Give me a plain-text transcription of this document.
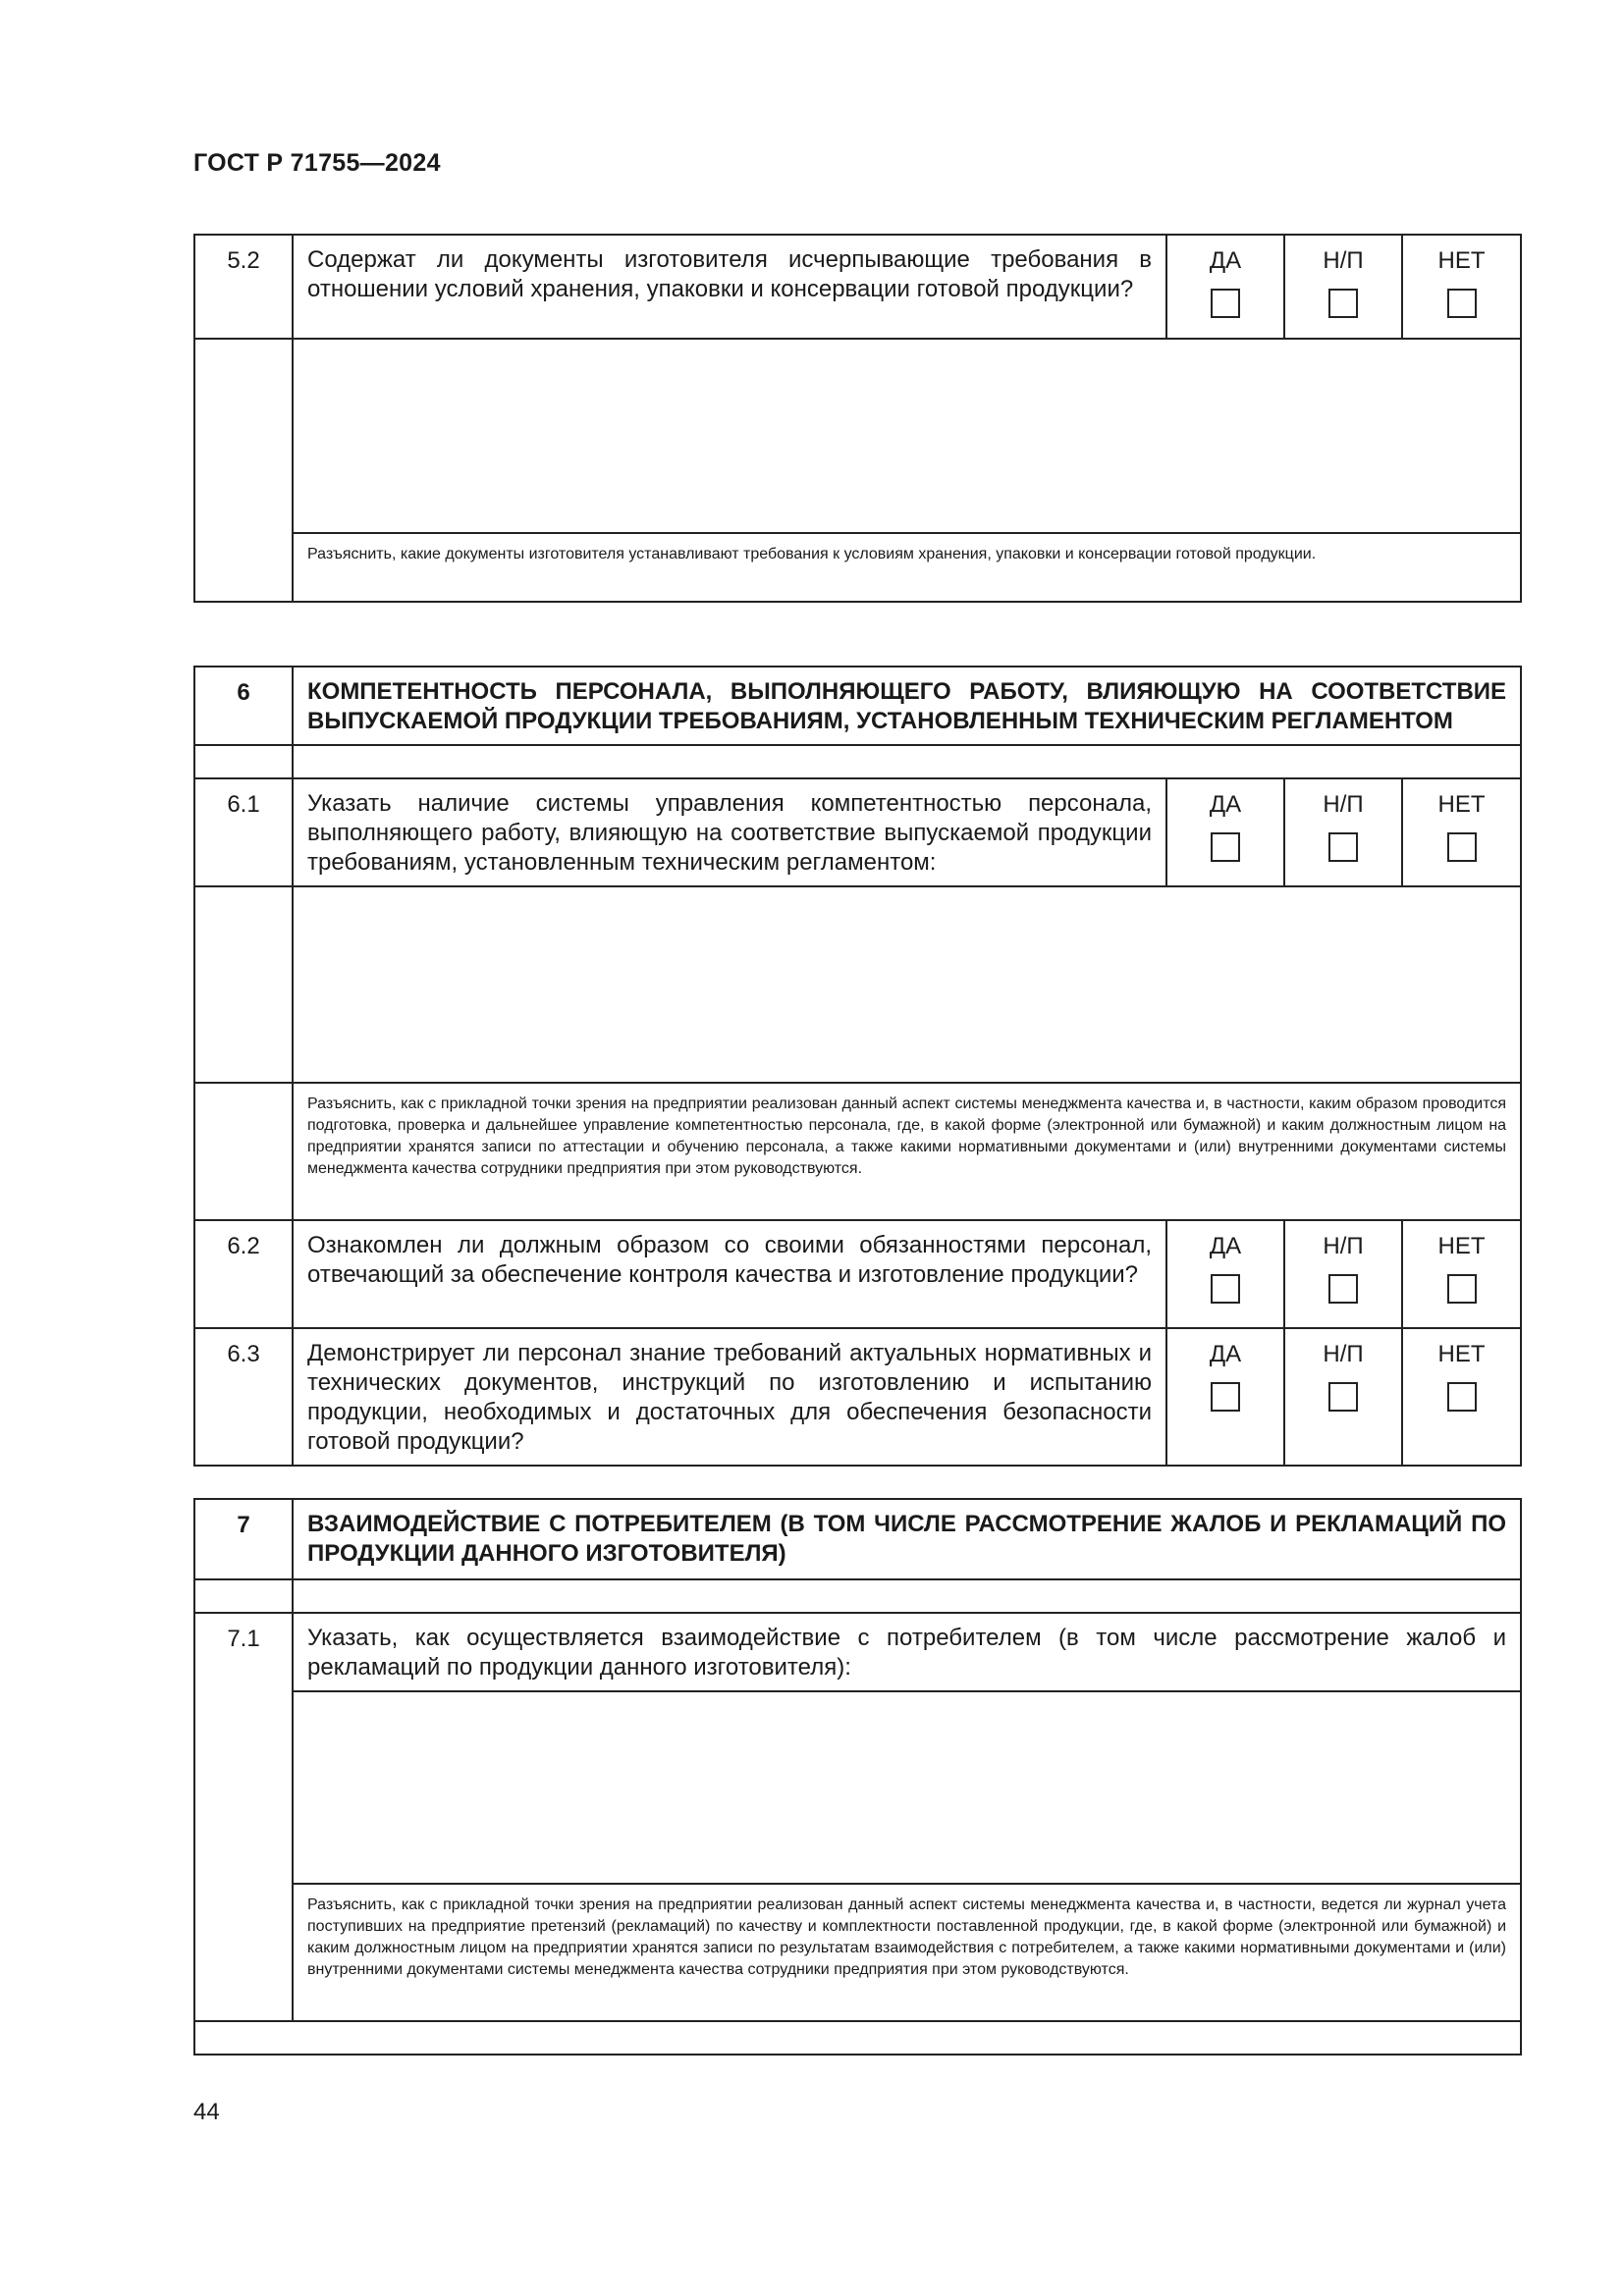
ГОСТ Р 71755—2024
5.2	Содержат ли документы изготовителя исчерпывающие требования в отношении условий хранения, упаковки и консервации готовой продукции?	ДА	Н/П	НЕТ

	Разъяснить, какие документы изготовителя устанавливают требования к условиям хранения, упаковки и консервации готовой продукции.			
6	КОМПЕТЕНТНОСТЬ ПЕРСОНАЛА, ВЫПОЛНЯЮЩЕГО РАБОТУ, ВЛИЯЮЩУЮ НА СООТВЕТСТВИЕ ВЫПУСКАЕМОЙ ПРОДУКЦИИ ТРЕБОВАНИЯМ, УСТАНОВЛЕННЫМ ТЕХНИЧЕСКИМ РЕГЛАМЕНТОМ			

6.1	Указать наличие системы управления компетентностью персонала, выполняющего работу, влияющую на соответствие выпускаемой продукции требованиям, установленным техническим регламентом:	ДА	Н/П	НЕТ

	Разъяснить, как с прикладной точки зрения на предприятии реализован данный аспект системы менеджмента качества и, в частности, каким образом проводится подготовка, проверка и дальнейшее управление компетентностью персонала, где, в какой форме (электронной или бумажной) и каким должностным лицом на предприятии хранятся записи по аттестации и обучению персонала, а также какими нормативными документами и (или) внутренними документами системы менеджмента качества сотрудники предприятия при этом руководствуются.			
6.2	Ознакомлен ли должным образом со своими обязанностями персонал, отвечающий за обеспечение контроля качества и изготовление продукции?	ДА	Н/П	НЕТ

6.3	Демонстрирует ли персонал знание требований актуальных нормативных и технических документов, инструкций по изготовлению и испытанию продукции, необходимых и достаточных для обеспечения безопасности готовой продукции?	ДА	Н/П	НЕТ
7	ВЗАИМОДЕЙСТВИЕ С ПОТРЕБИТЕЛЕМ (В ТОМ ЧИСЛЕ РАССМОТРЕНИЕ ЖАЛОБ И РЕКЛАМАЦИЙ ПО ПРОДУКЦИИ ДАННОГО ИЗГОТОВИТЕЛЯ)

7.1	Указать, как осуществляется взаимодействие с потребителем (в том числе рассмотрение жалоб и рекламаций по продукции данного изготовителя):

	Разъяснить, как с прикладной точки зрения на предприятии реализован данный аспект системы менеджмента качества и, в частности, ведется ли журнал учета поступивших на предприятие претензий (рекламаций) по качеству и комплектности поставленной продукции, где, в какой форме (электронной или бумажной) и каким должностным лицом на предприятии хранятся записи по результатам взаимодействия с потребителем, а также какими нормативными документами и (или) внутренними документами системы менеджмента качества сотрудники предприятия при этом руководствуются.

44
